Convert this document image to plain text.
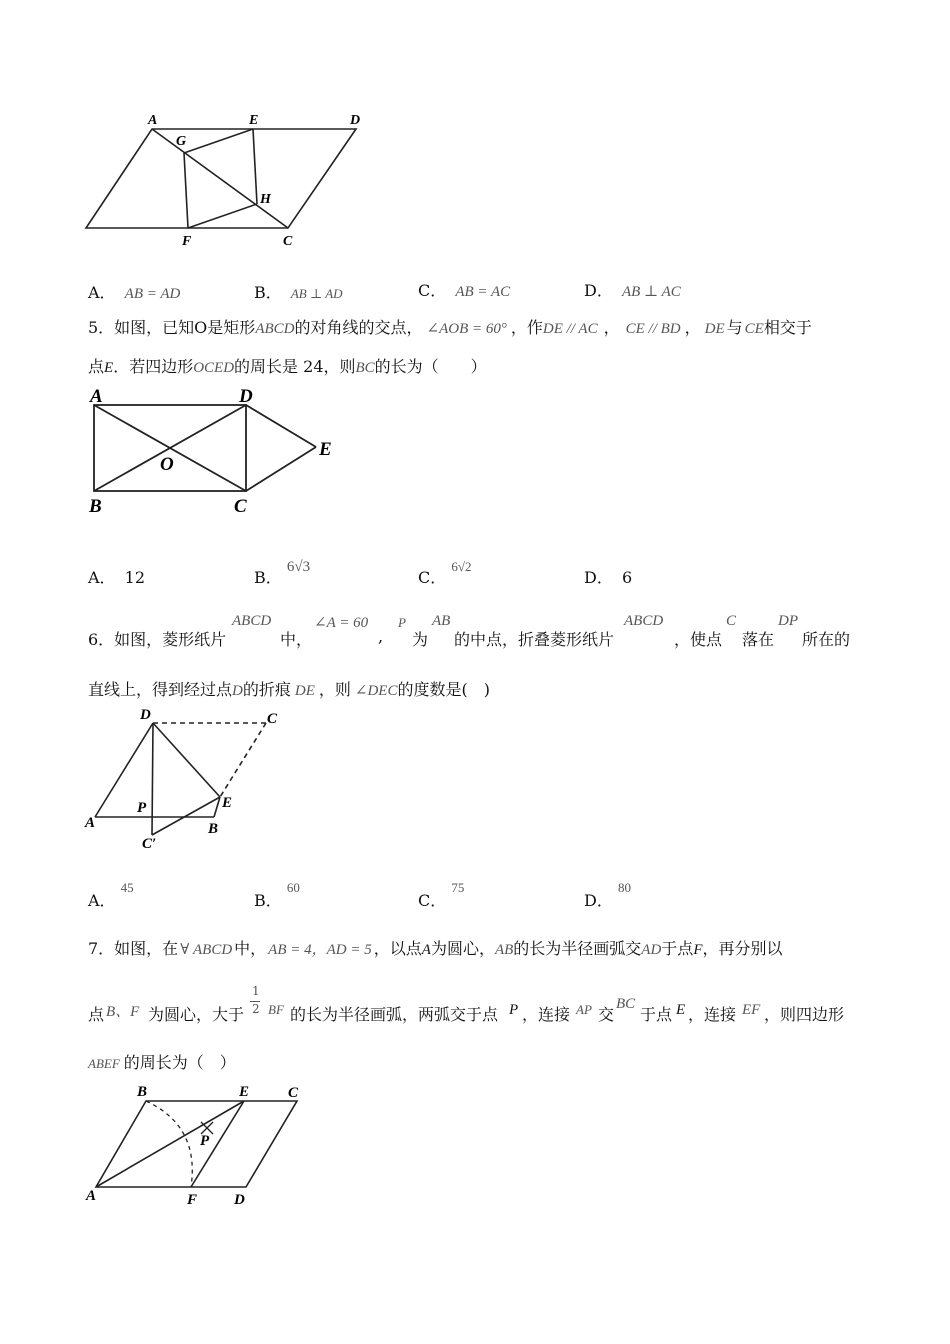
A	E	D
G
H
F	C
A． AB = AD	B． AB ⊥ AD	C． AB = AC	D． AB ⊥ AC
5．如图，已知O是矩形ABCD的对角线的交点， ∠AOB = 60° ，作DE // AC ， CE // BD ， DE 与 CE相交于
点E．若四边形OCED的周长是 24，则BC的长为（　　）
A	D
E
O
B	C
A． 12	B． 6√3
C． $^{6√2}$
D． 6
6．如图，菱形纸片
ABCD
中，
∠A = 60
,
P
为
AB
的中点，折叠菱形纸片
ABCD
，使点
C
落在
DP
所在的
直线上，得到经过点D的折痕 DE ，则 ∠DEC的度数是(　)
D	C
P	E
A	B
C′
A． $^{45}$
B． $^{60}$
C． $^{75}$
D． $^{80}$
7．如图，在 ∀ ABCD 中， AB = 4，AD = 5 ，以点A为圆心，AB的长为半径画弧交AD于点F，再分别以
点 B、F 为圆心，大于
1
2 BF 的长为半径画弧，两弧交于点 P ，连接 AP 交
BC
于点 E ，连接 EF ，则四边形
ABEF 的周长为（　）
B	E	C
P
A	F D
